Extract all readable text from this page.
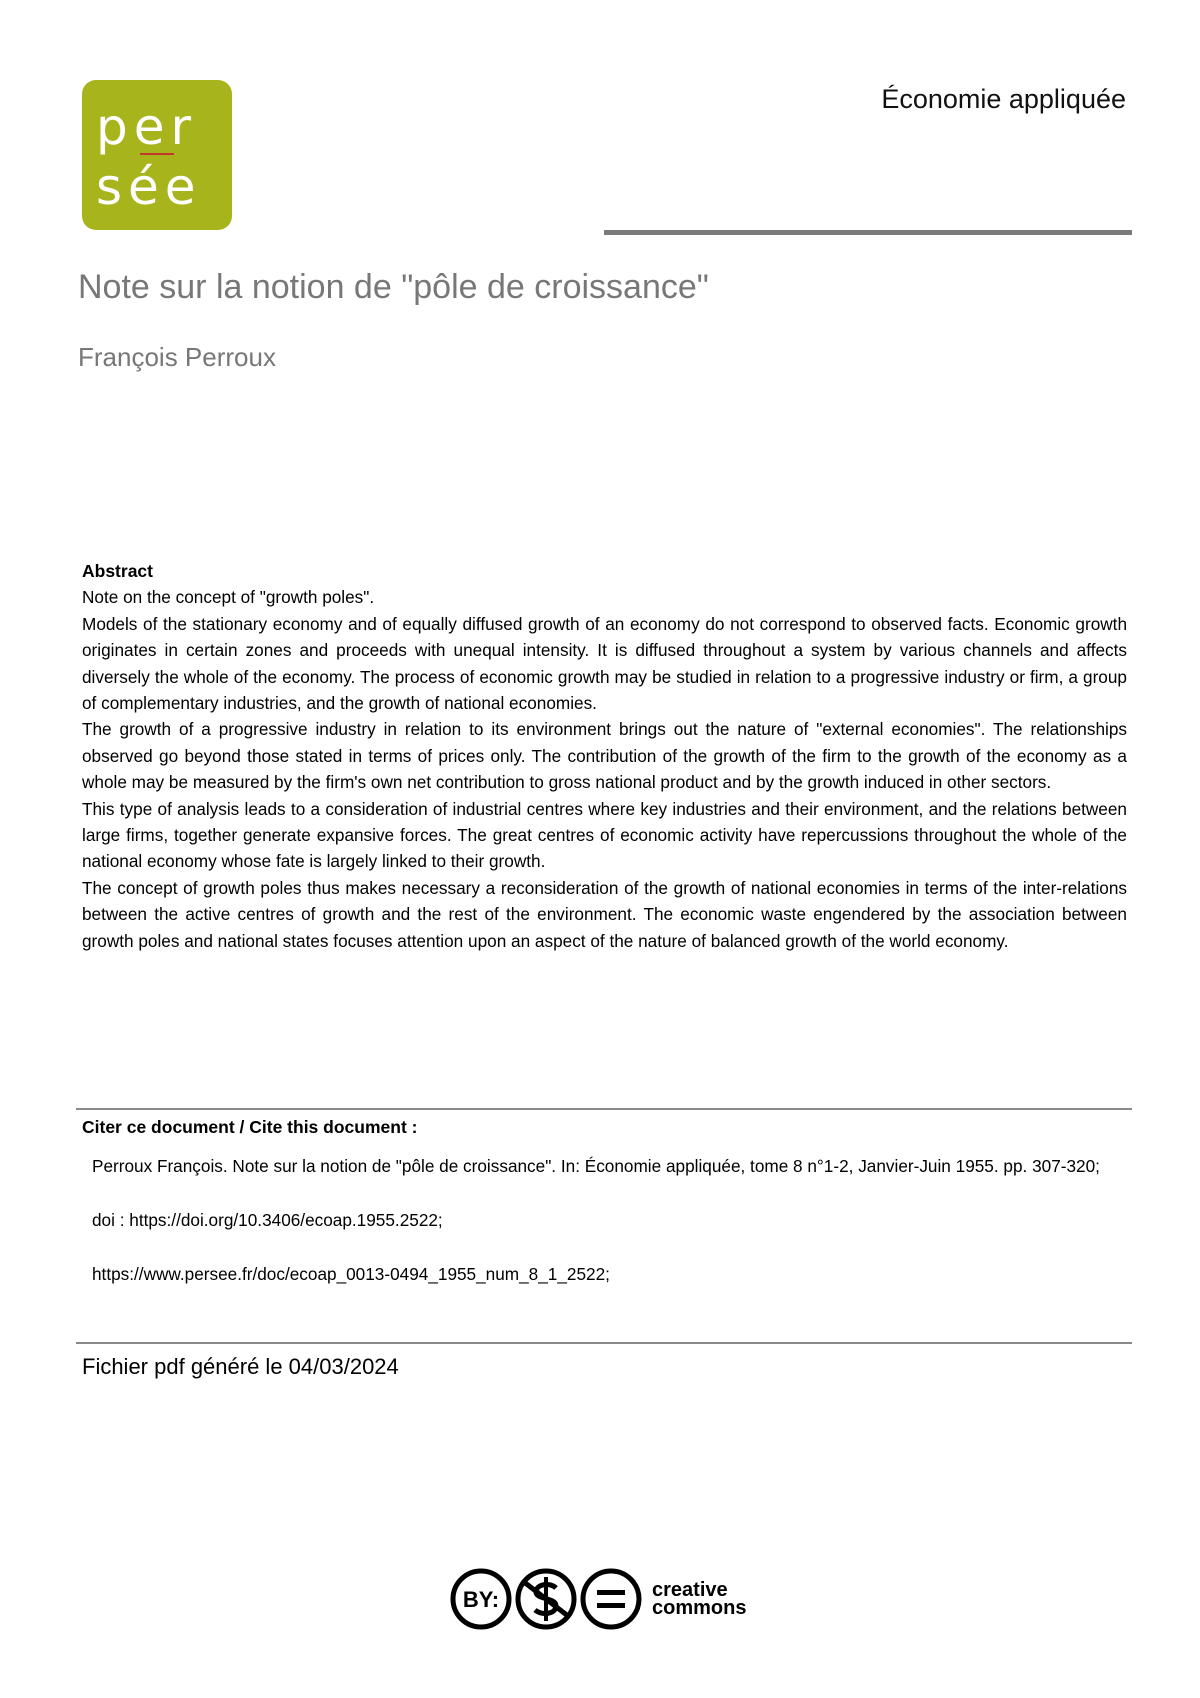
per
sée
Économie appliquée
Note sur la notion de "pôle de croissance"
François Perroux
Abstract

Note on the concept of "growth poles".

Models of the stationary economy and of equally diffused growth of an economy do not correspond to observed facts. Economic growth originates in certain zones and proceeds with unequal intensity. It is diffused throughout a system by various channels and affects diversely the whole of the economy. The process of economic growth may be studied in relation to a progressive industry or firm, a group of complementary industries, and the growth of national economies.

The growth of a progressive industry in relation to its environment brings out the nature of "external economies". The relationships observed go beyond those stated in terms of prices only. The contribution of the growth of the firm to the growth of the economy as a whole may be measured by the firm's own net contribution to gross national product and by the growth induced in other sectors.

This type of analysis leads to a consideration of industrial centres where key industries and their environment, and the relations between large firms, together generate expansive forces. The great centres of economic activity have repercussions throughout the whole of the national economy whose fate is largely linked to their growth.

The concept of growth poles thus makes necessary a reconsideration of the growth of national economies in terms of the inter-relations between the active centres of growth and the rest of the environment. The economic waste engendered by the association between growth poles and national states focuses attention upon an aspect of the nature of balanced growth of the world economy.

Citer ce document / Cite this document :

Perroux François. Note sur la notion de "pôle de croissance". In: Économie appliquée, tome 8 n°1-2, Janvier-Juin 1955. pp. 307-320;

doi : https://doi.org/10.3406/ecoap.1955.2522;

https://www.persee.fr/doc/ecoap_0013-0494_1955_num_8_1_2522;

Fichier pdf généré le 04/03/2024
BY:	creative
commons
